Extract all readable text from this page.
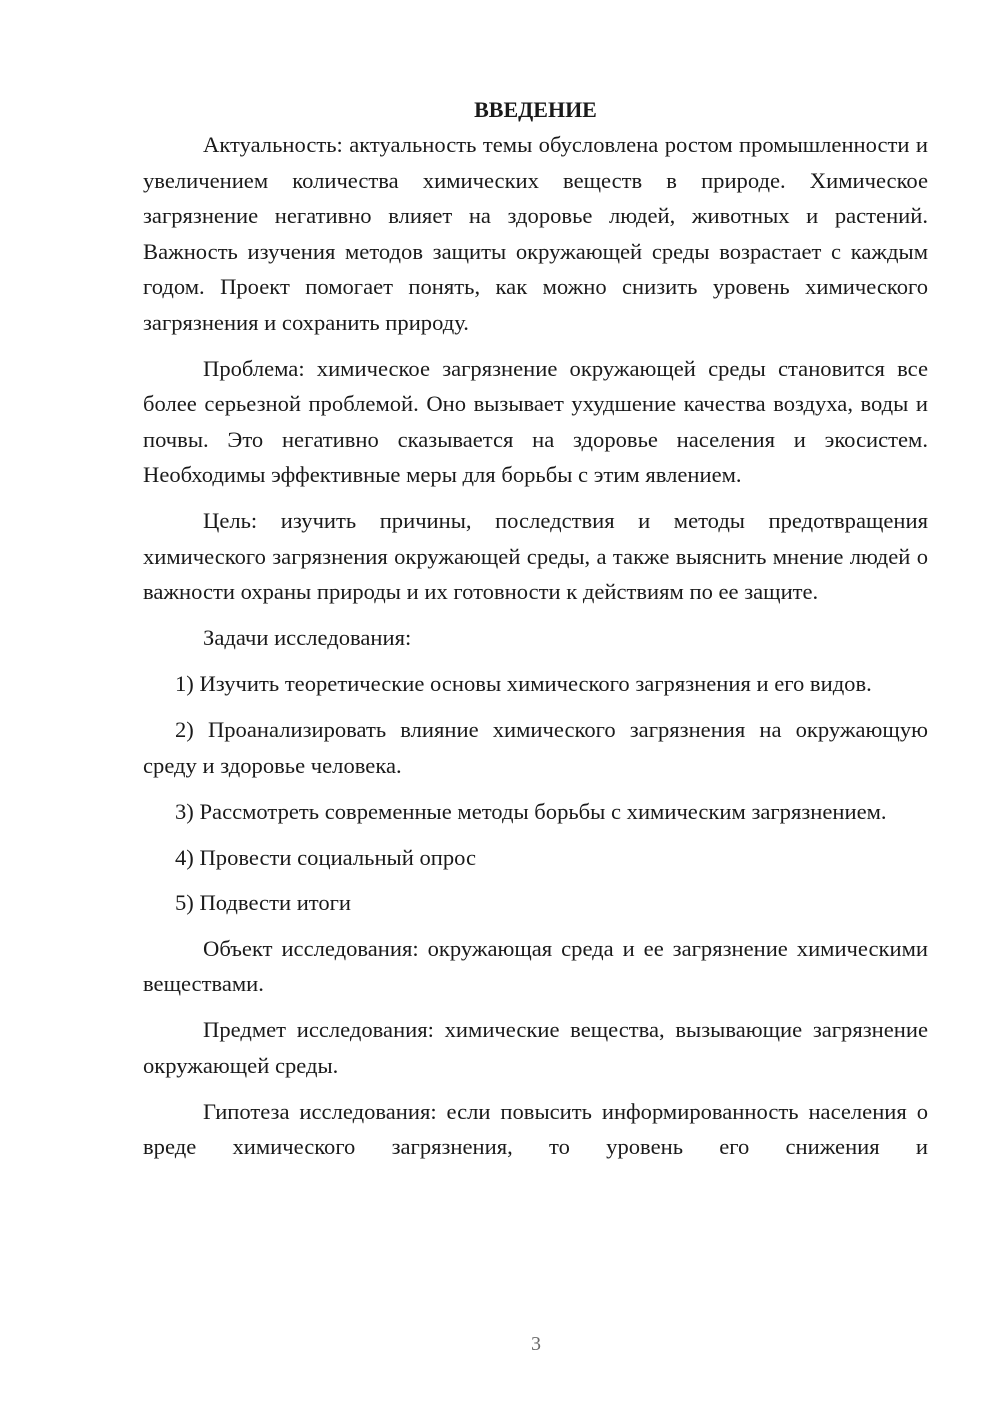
ВВЕДЕНИЕ

Актуальность: актуальность темы обусловлена ростом промышленности и увеличением количества химических веществ в природе. Химическое загрязнение негативно влияет на здоровье людей, животных и растений. Важность изучения методов защиты окружающей среды возрастает с каждым годом. Проект помогает понять, как можно снизить уровень химического загрязнения и сохранить природу.

Проблема: химическое загрязнение окружающей среды становится все более серьезной проблемой. Оно вызывает ухудшение качества воздуха, воды и почвы. Это негативно сказывается на здоровье населения и экосистем. Необходимы эффективные меры для борьбы с этим явлением.

Цель: изучить причины, последствия и методы предотвращения химического загрязнения окружающей среды, а также выяснить мнение людей о важности охраны природы и их готовности к действиям по ее защите.

Задачи исследования:

1) Изучить теоретические основы химического загрязнения и его видов.

2) Проанализировать влияние химического загрязнения на окружающую среду и здоровье человека.

3) Рассмотреть современные методы борьбы с химическим загрязнением.

4) Провести социальный опрос

5) Подвести итоги

Объект исследования: окружающая среда и ее загрязнение химическими веществами.

Предмет исследования: химические вещества, вызывающие загрязнение окружающей среды.

Гипотеза исследования: если повысить информированность населения о вреде химического загрязнения, то уровень его снижения и

3
